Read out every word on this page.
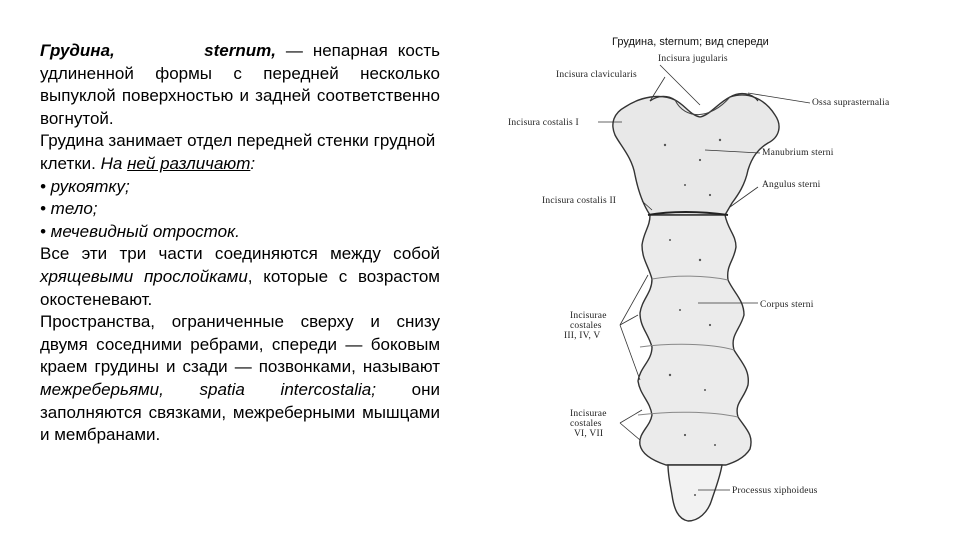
Грудина,	sternum, — непарная кость удлиненной формы с передней несколько выпуклой поверхностью и задней соответственно вогнутой.

Грудина занимает отдел передней стенки грудной клетки. На ней различают:

• рукоятку;

• тело;

• мечевидный отросток.

Все эти три части соединяются между собой хрящевыми прослойками, которые с возрастом окостеневают.

Пространства, ограниченные сверху и снизу двумя соседними ребрами, спереди — боковым краем грудины и сзади — позвонками, называют межреберьями, spatia intercostalia; они заполняются связками, межреберными мышцами и мембранами.

Грудина, sternum; вид спереди
Incisura jugularis
Incisura clavicularis
Ossa suprasternalia
Incisura costalis I
Manubrium sterni
Angulus sterni
Incisura costalis II
Corpus sterni
Incisurae
costales
III, IV, V
Incisurae
costales
VI, VII
Processus xiphoideus
